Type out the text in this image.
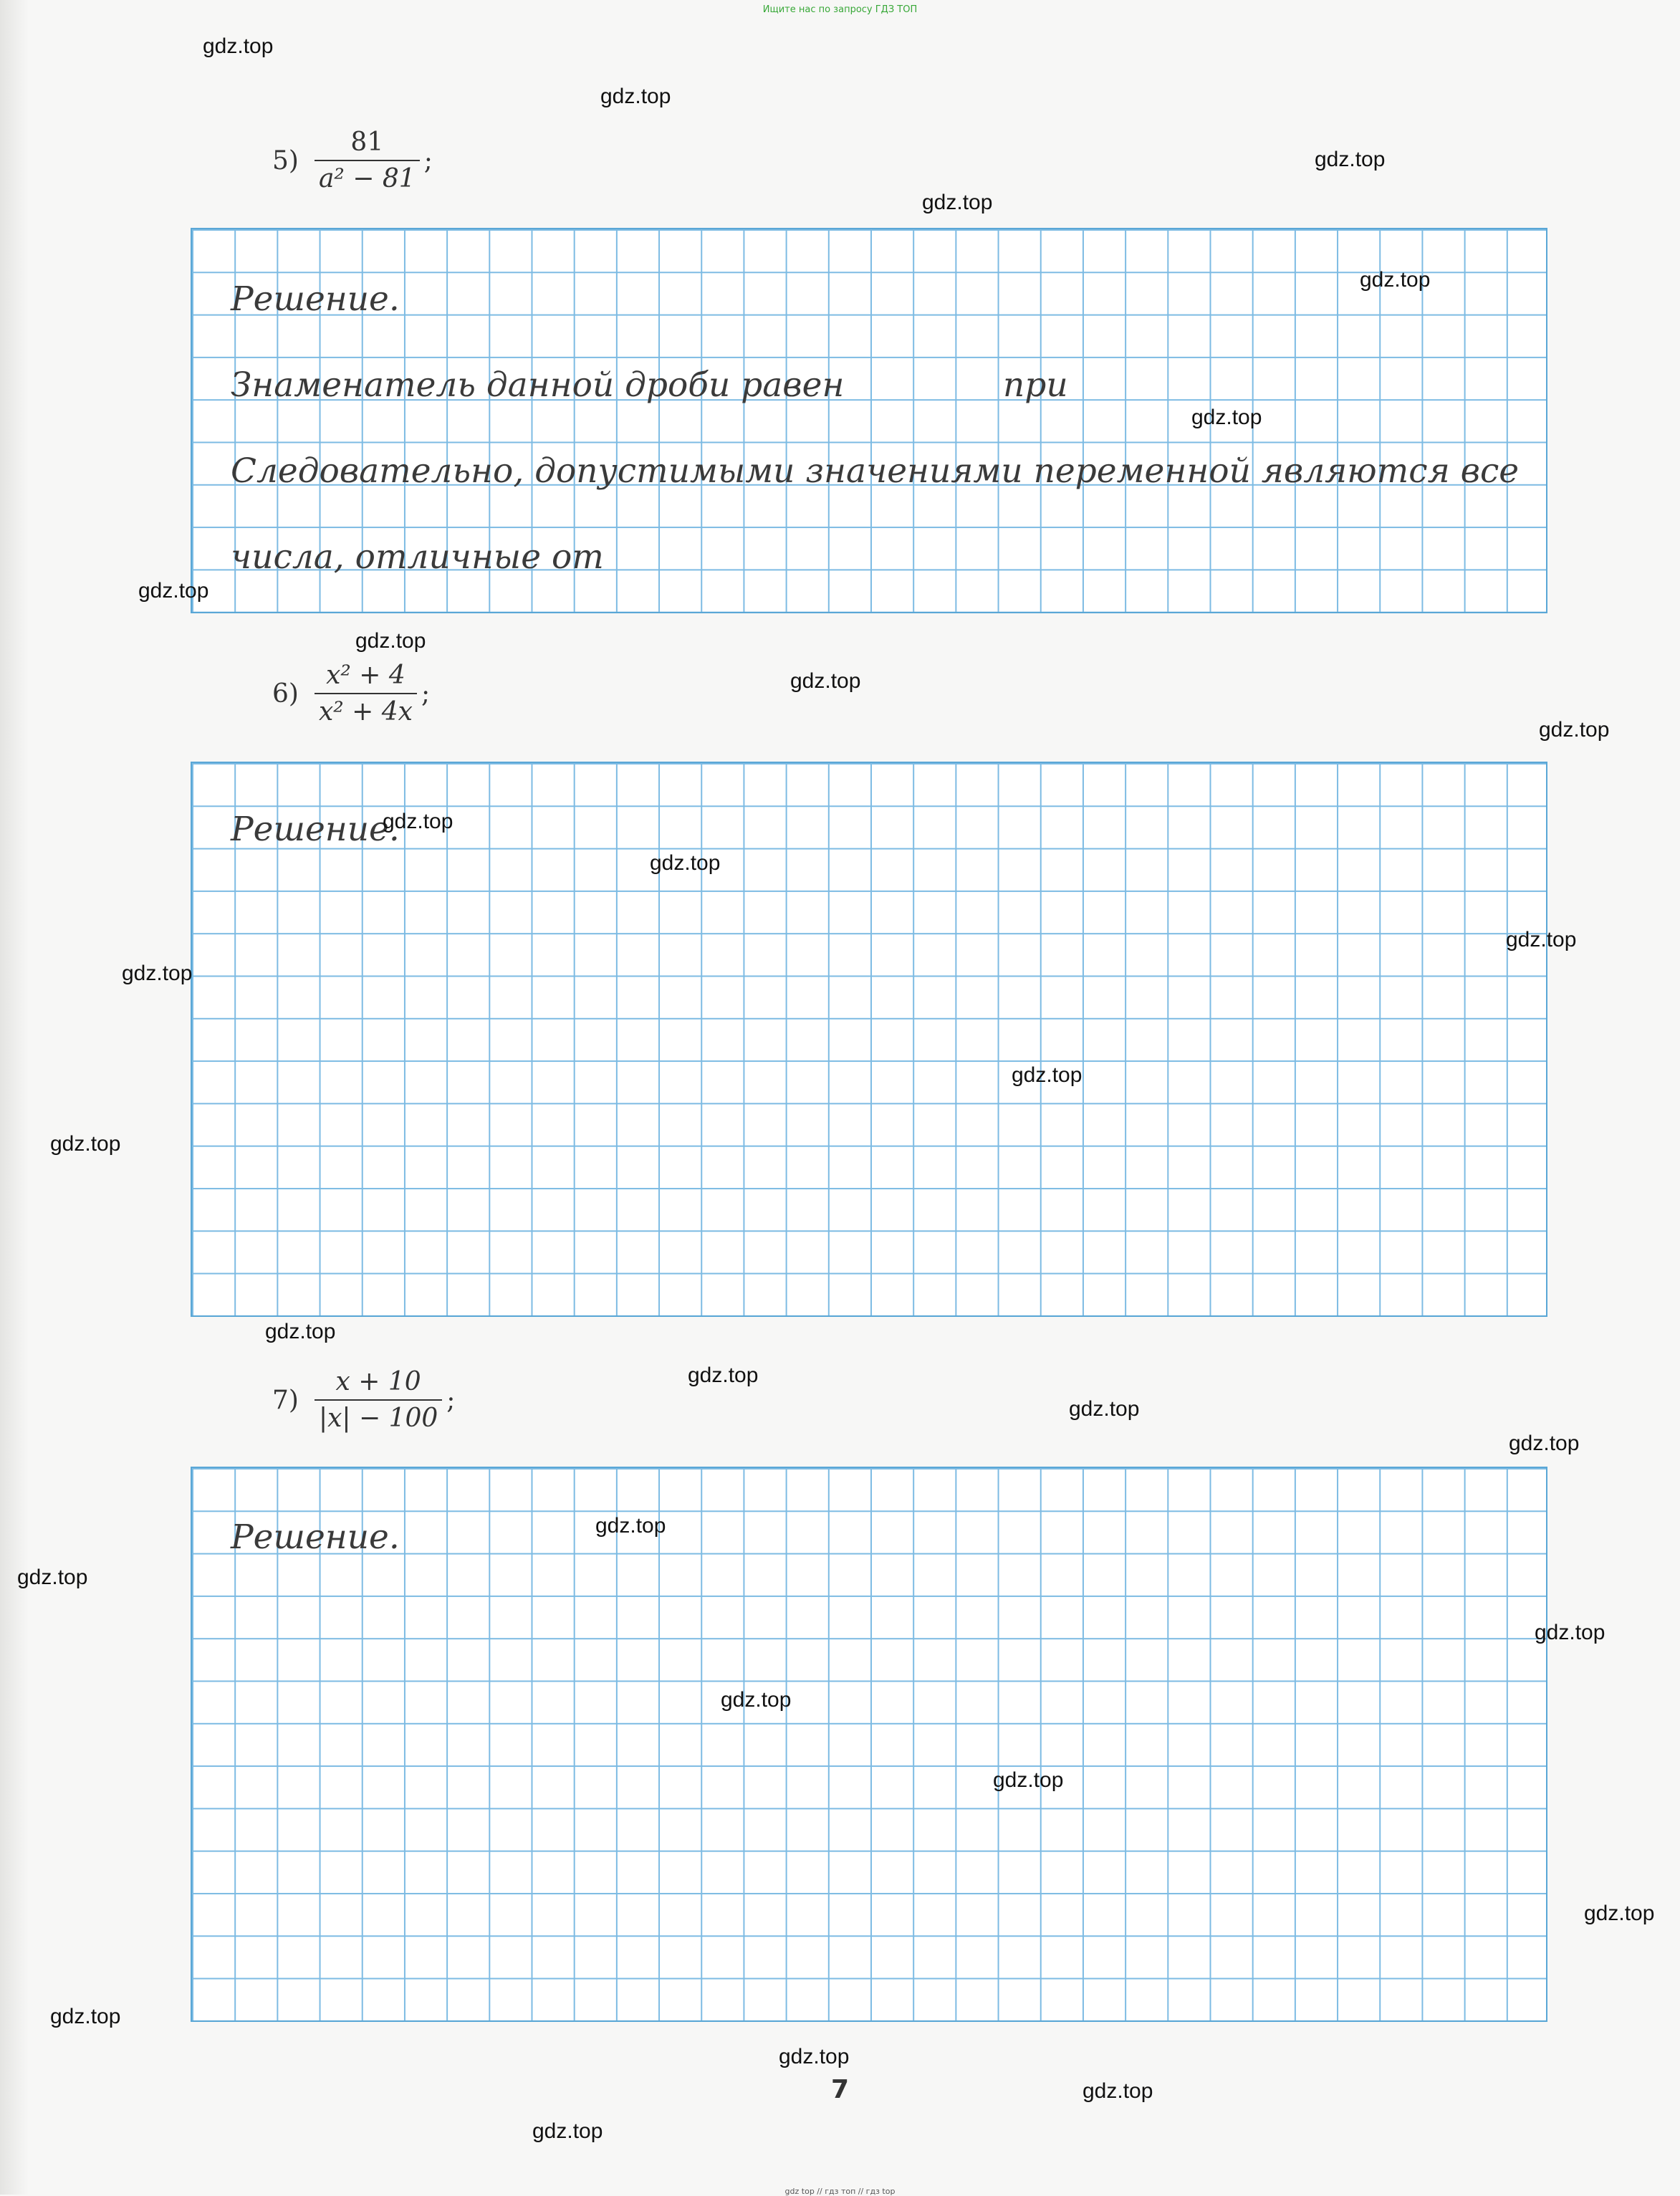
Ищите нас по запросу ГДЗ ТОП
$5) \frac{81}{\text{a² − 81}}$ ;
Решение.
Знаменатель данной дроби равен	при
Следовательно, допустимыми значениями переменной являются все
числа, отличные от
$6) \frac{\text{x² + 4}}{\text{x² + 4x}}$ ;
Решение.
$7) \frac{x + 10}{|x| - 100}$ ;
Решение.
7
gdz.top
gdz.top
gdz.top
gdz.top
gdz.top
gdz.top
gdz.top
gdz.top
gdz.top
gdz.top
gdz.top
gdz.top
gdz.top
gdz.top
gdz.top
gdz.top
gdz.top
gdz.top
gdz.top
gdz.top
gdz.top
gdz.top
gdz.top
gdz.top
gdz.top
gdz.top
gdz.top
gdz.top
gdz.top
gdz.top
gdz top // гдз топ // гдз top
